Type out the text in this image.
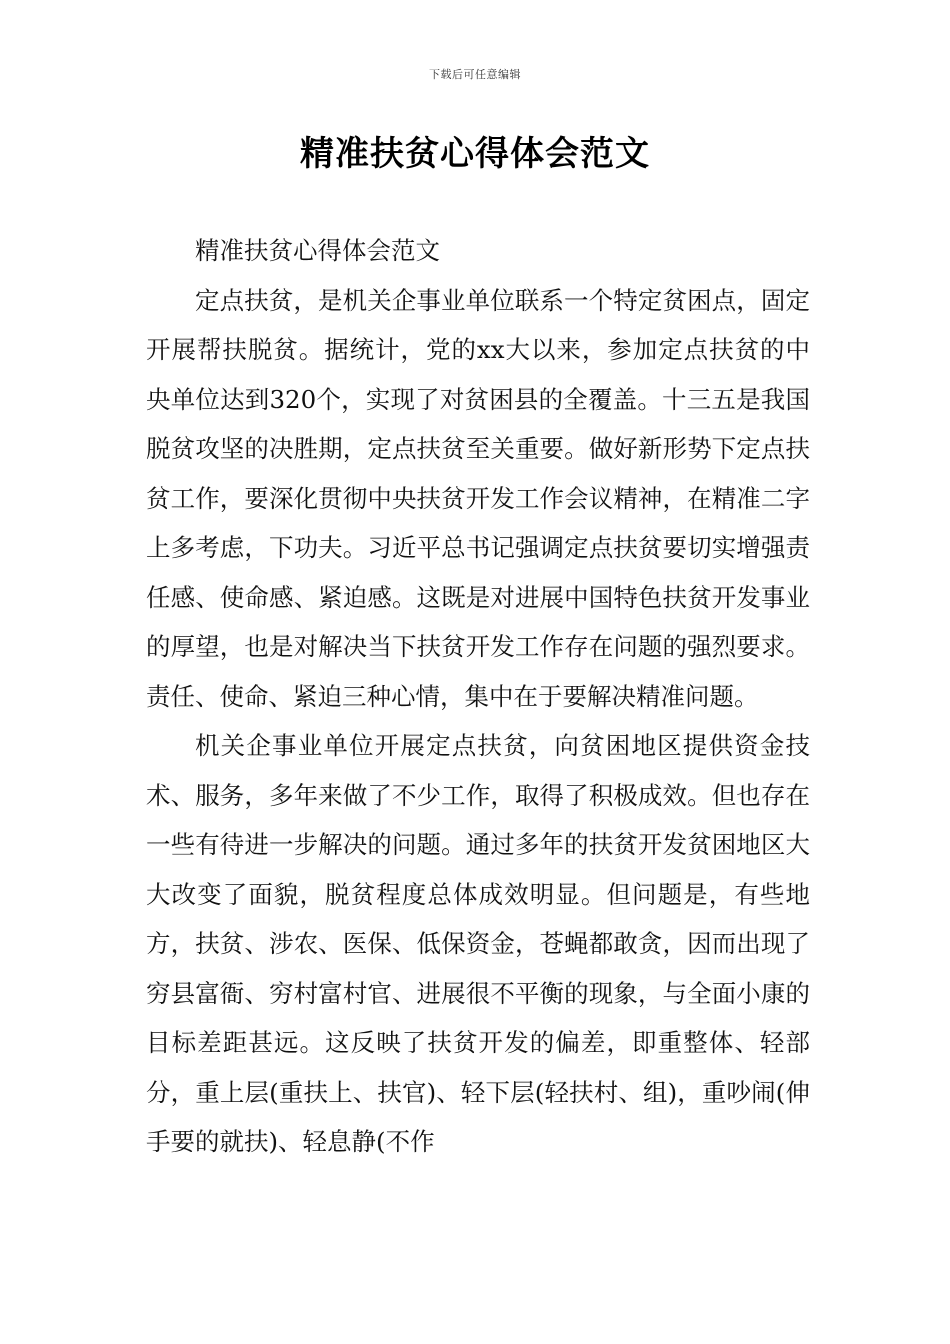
下载后可任意编辑
精准扶贫心得体会范文

精准扶贫心得体会范文

定点扶贫，是机关企事业单位联系一个特定贫困点，固定开展帮扶脱贫。据统计，党的xx大以来，参加定点扶贫的中央单位达到320个，实现了对贫困县的全覆盖。十三五是我国脱贫攻坚的决胜期，定点扶贫至关重要。做好新形势下定点扶贫工作，要深化贯彻中央扶贫开发工作会议精神，在精准二字上多考虑，下功夫。习近平总书记强调定点扶贫要切实增强责任感、使命感、紧迫感。这既是对进展中国特色扶贫开发事业的厚望，也是对解决当下扶贫开发工作存在问题的强烈要求。责任、使命、紧迫三种心情，集中在于要解决精准问题。

机关企事业单位开展定点扶贫，向贫困地区提供资金技术、服务，多年来做了不少工作，取得了积极成效。但也存在一些有待进一步解决的问题。通过多年的扶贫开发贫困地区大大改变了面貌，脱贫程度总体成效明显。但问题是，有些地方，扶贫、涉农、医保、低保资金，苍蝇都敢贪，因而出现了穷县富衙、穷村富村官、进展很不平衡的现象，与全面小康的目标差距甚远。这反映了扶贫开发的偏差，即重整体、轻部分，重上层(重扶上、扶官)、轻下层(轻扶村、组)，重吵闹(伸手要的就扶)、轻息静(不作
